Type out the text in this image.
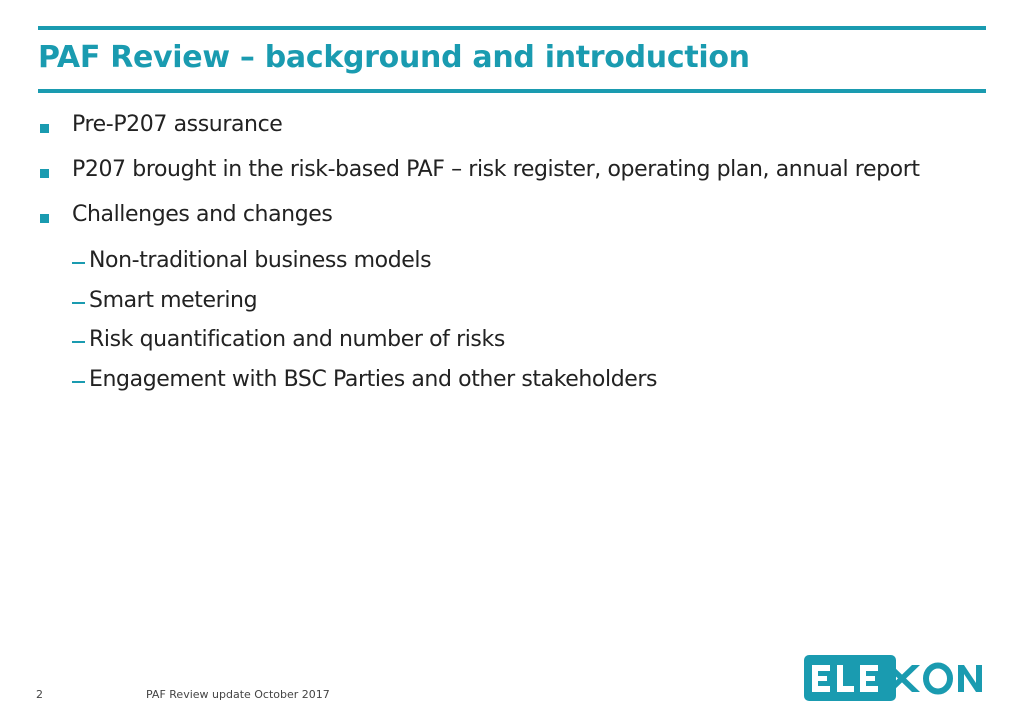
PAF Review – background and introduction
Pre-P207 assurance
P207 brought in the risk-based PAF – risk register, operating plan, annual report
Challenges and changes
Non-traditional business models
Smart metering
Risk quantification and number of risks
Engagement with BSC Parties and other stakeholders
2	PAF Review update October 2017
